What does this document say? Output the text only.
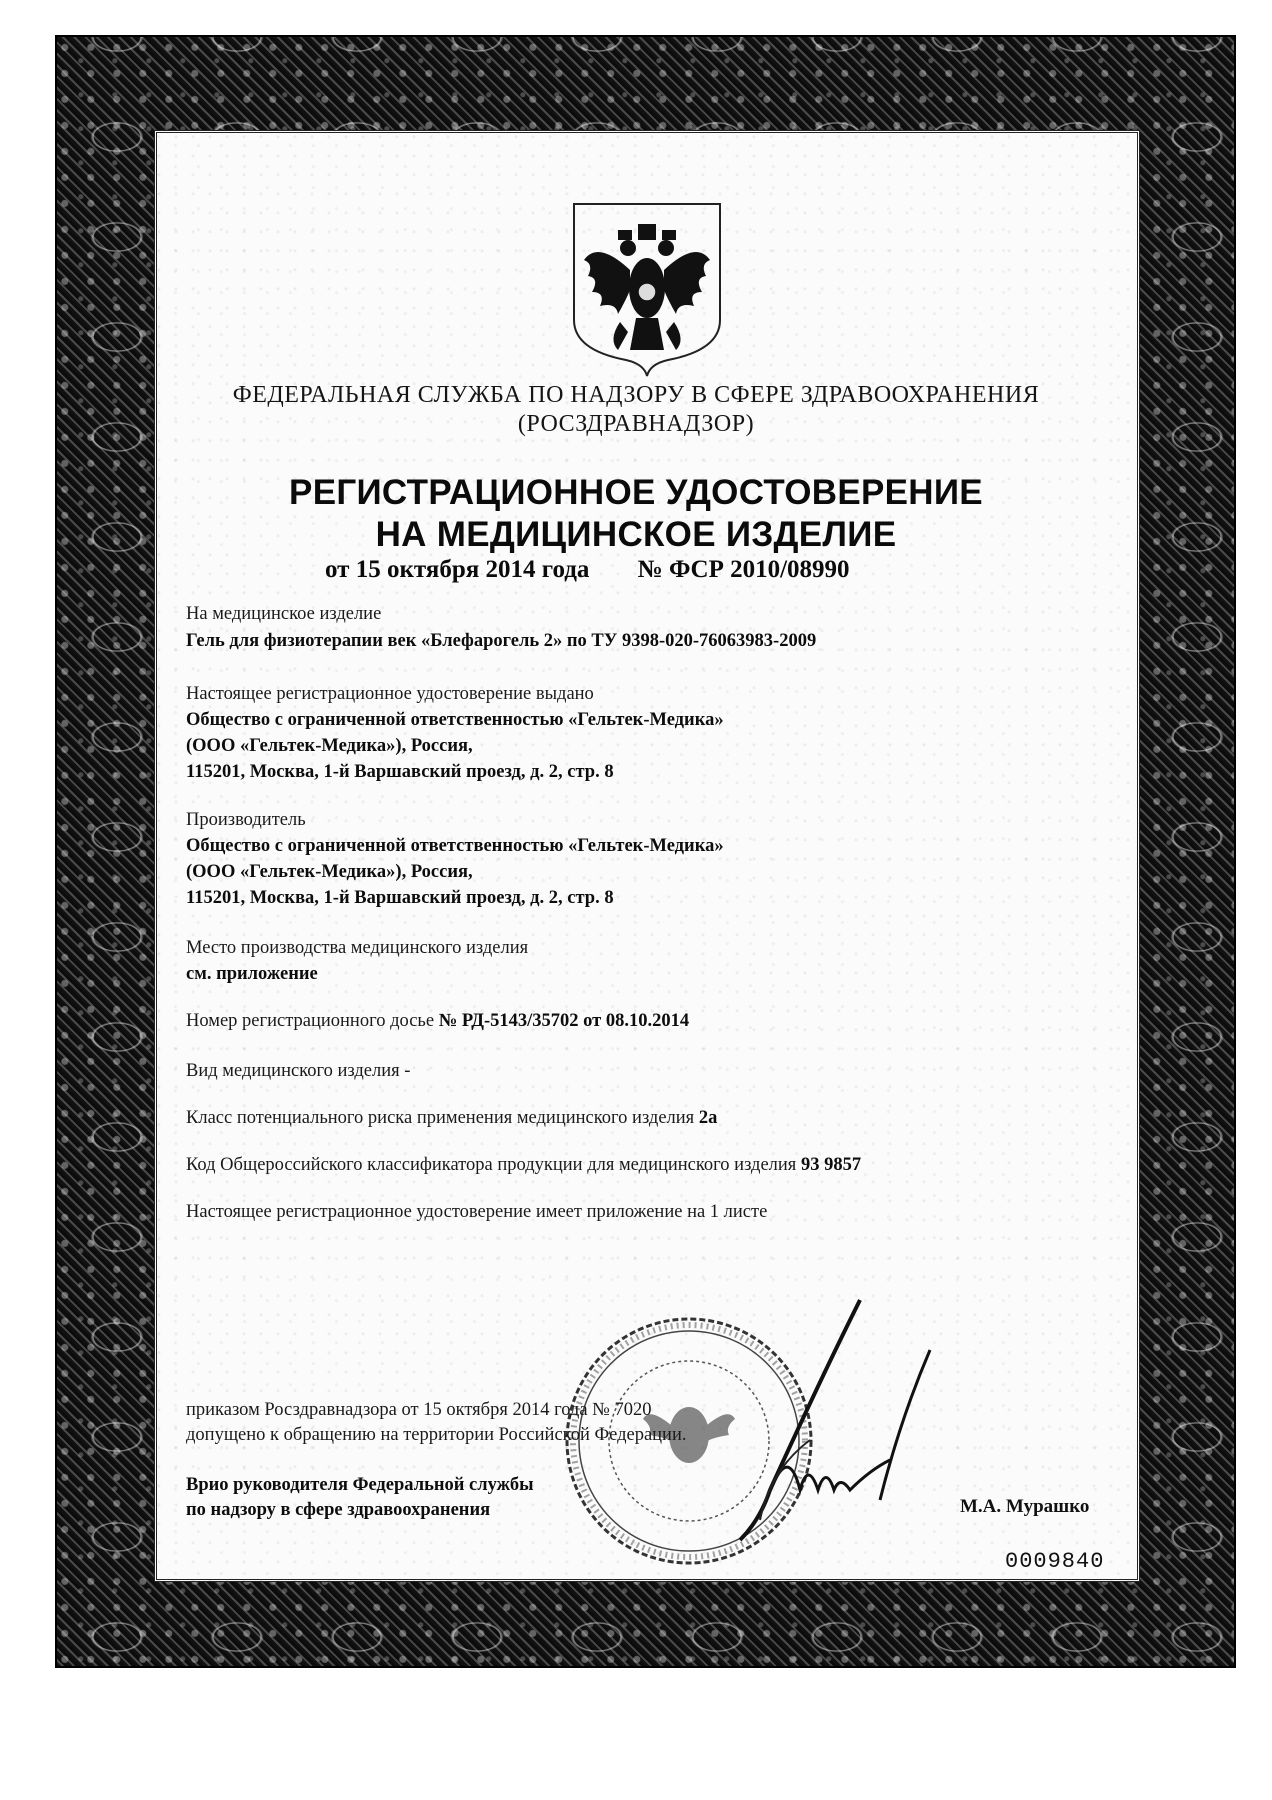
ФЕДЕРАЛЬНАЯ СЛУЖБА ПО НАДЗОРУ В СФЕРЕ ЗДРАВООХРАНЕНИЯ
(РОСЗДРАВНАДЗОР)
РЕГИСТРАЦИОННОЕ УДОСТОВЕРЕНИЕ
НА МЕДИЦИНСКОЕ ИЗДЕЛИЕ
от 15 октября 2014 года № ФСР 2010/08990
На медицинское изделие
Гель для физиотерапии век «Блефарогель 2» по ТУ 9398-020-76063983-2009
Настоящее регистрационное удостоверение выдано
Общество с ограниченной ответственностью «Гельтек-Медика»
(ООО «Гельтек-Медика»), Россия,
115201, Москва, 1-й Варшавский проезд, д. 2, стр. 8
Производитель
Общество с ограниченной ответственностью «Гельтек-Медика»
(ООО «Гельтек-Медика»), Россия,
115201, Москва, 1-й Варшавский проезд, д. 2, стр. 8
Место производства медицинского изделия
см. приложение
Номер регистрационного досье № РД-5143/35702 от 08.10.2014
Вид медицинского изделия -
Класс потенциального риска применения медицинского изделия 2а
Код Общероссийского классификатора продукции для медицинского изделия 93 9857
Настоящее регистрационное удостоверение имеет приложение на 1 листе
приказом Росздравнадзора от 15 октября 2014 года № 7020
допущено к обращению на территории Российской Федерации.
Врио руководителя Федеральной службы
по надзору в сфере здравоохранения	М.А. Мурашко
0009840
